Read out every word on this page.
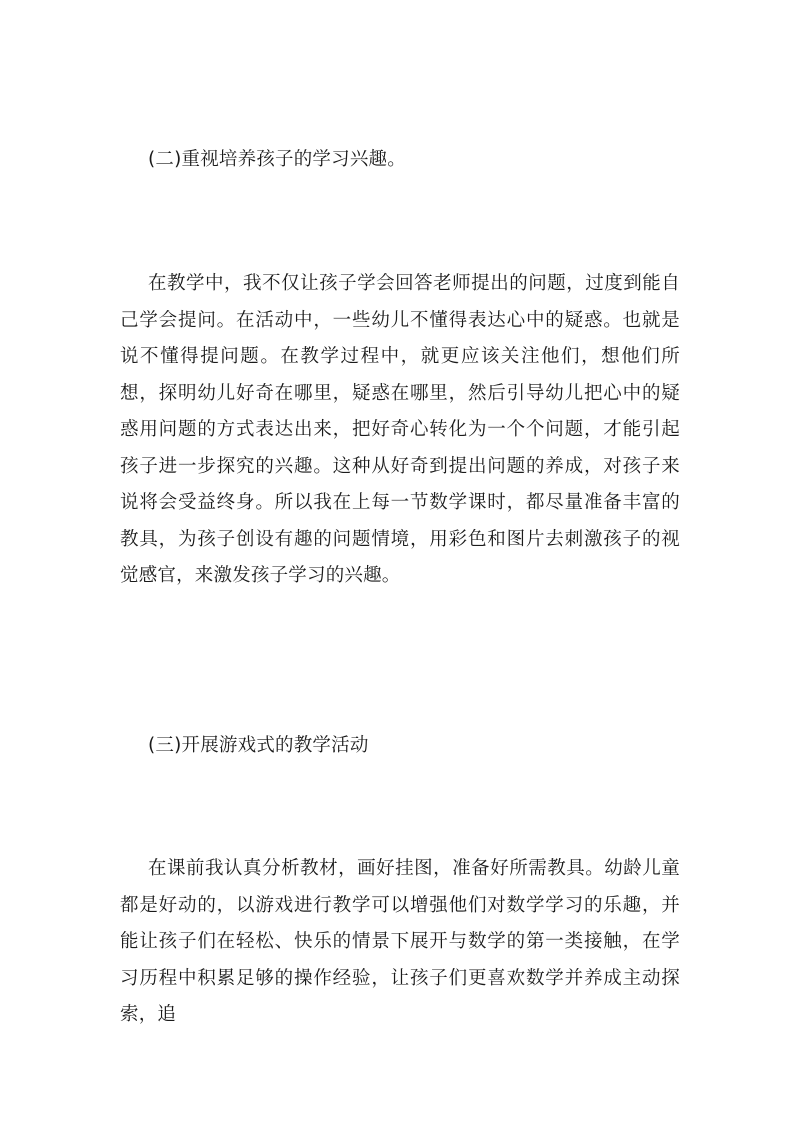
(二)重视培养孩子的学习兴趣。
在教学中，我不仅让孩子学会回答老师提出的问题，过度到能自己学会提问。在活动中，一些幼儿不懂得表达心中的疑惑。也就是说不懂得提问题。在教学过程中，就更应该关注他们，想他们所想，探明幼儿好奇在哪里，疑惑在哪里，然后引导幼儿把心中的疑惑用问题的方式表达出来，把好奇心转化为一个个问题，才能引起孩子进一步探究的兴趣。这种从好奇到提出问题的养成，对孩子来说将会受益终身。所以我在上每一节数学课时，都尽量准备丰富的教具，为孩子创设有趣的问题情境，用彩色和图片去刺激孩子的视觉感官，来激发孩子学习的兴趣。
(三)开展游戏式的教学活动
在课前我认真分析教材，画好挂图，准备好所需教具。幼龄儿童都是好动的，以游戏进行教学可以增强他们对数学学习的乐趣，并能让孩子们在轻松、快乐的情景下展开与数学的第一类接触，在学习历程中积累足够的操作经验，让孩子们更喜欢数学并养成主动探索，追
